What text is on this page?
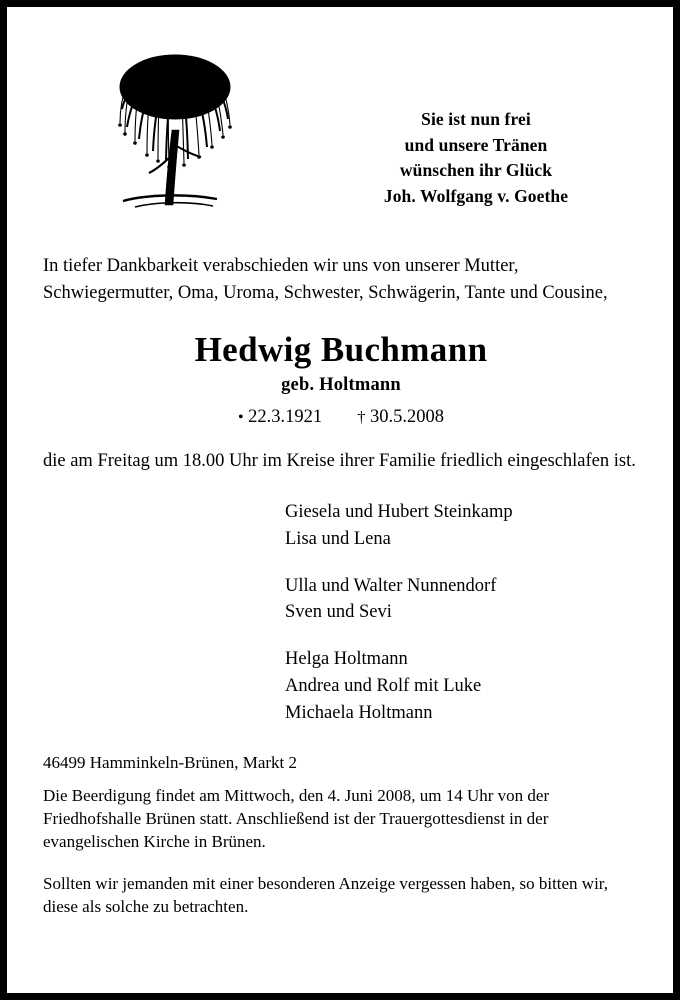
Sie ist nun frei
und unsere Tränen
wünschen ihr Glück
Joh. Wolfgang v. Goethe

In tiefer Dankbarkeit verabschieden wir uns von unserer Mutter, Schwiegermutter, Oma, Uroma, Schwester, Schwägerin, Tante und Cousine,

Hedwig Buchmann
geb. Holtmann
• 22.3.1921 † 30.5.2008

die am Freitag um 18.00 Uhr im Kreise ihrer Familie friedlich eingeschlafen ist.

Giesela und Hubert Steinkamp
Lisa und Lena
Ulla und Walter Nunnendorf
Sven und Sevi
Helga Holtmann
Andrea und Rolf mit Luke
Michaela Holtmann
46499 Hamminkeln-Brünen, Markt 2

Die Beerdigung findet am Mittwoch, den 4. Juni 2008, um 14 Uhr von der Friedhofshalle Brünen statt. Anschließend ist der Trauergottesdienst in der evangelischen Kirche in Brünen.

Sollten wir jemanden mit einer besonderen Anzeige vergessen haben, so bitten wir, diese als solche zu betrachten.
